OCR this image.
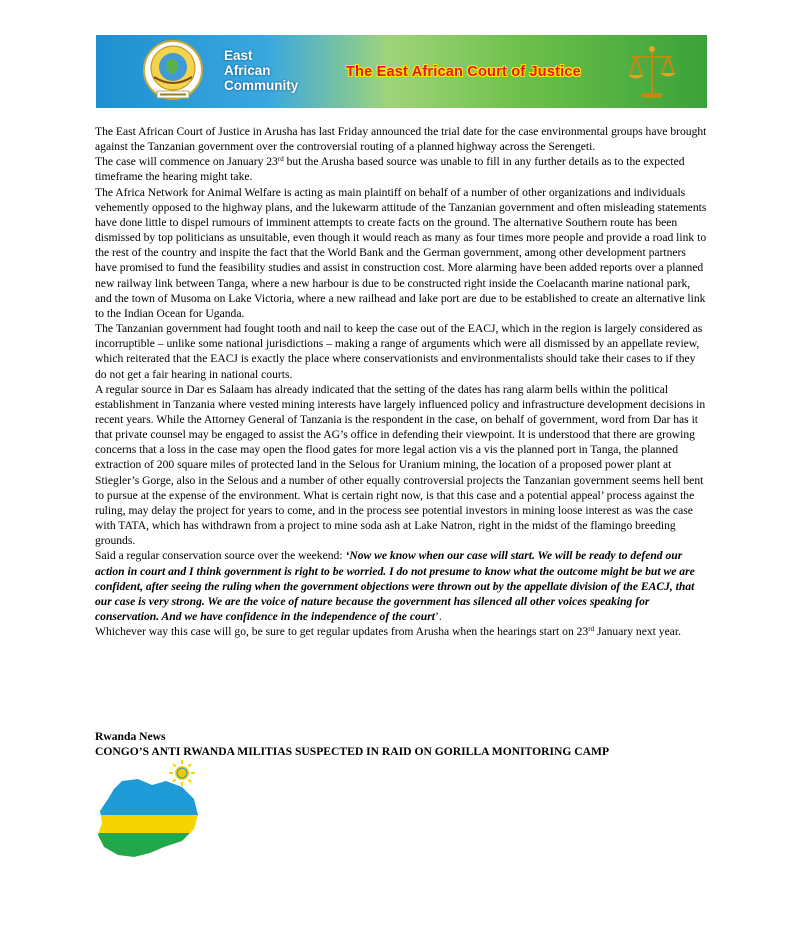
East
African
Community
The East African Court of Justice

The East African Court of Justice in Arusha has last Friday announced the trial date for the case environmental groups have brought against the Tanzanian government over the controversial routing of a planned highway across the Serengeti.

The case will commence on January 23rd but the Arusha based source was unable to fill in any further details as to the expected timeframe the hearing might take.

The Africa Network for Animal Welfare is acting as main plaintiff on behalf of a number of other organizations and individuals vehemently opposed to the highway plans, and the lukewarm attitude of the Tanzanian government and often misleading statements have done little to dispel rumours of imminent attempts to create facts on the ground. The alternative Southern route has been dismissed by top politicians as unsuitable, even though it would reach as many as four times more people and provide a road link to the rest of the country and inspite the fact that the World Bank and the German government, among other development partners have promised to fund the feasibility studies and assist in construction cost. More alarming have been added reports over a planned new railway link between Tanga, where a new harbour is due to be constructed right inside the Coelacanth marine national park, and the town of Musoma on Lake Victoria, where a new railhead and lake port are due to be established to create an alternative link to the Indian Ocean for Uganda.

The Tanzanian government had fought tooth and nail to keep the case out of the EACJ, which in the region is largely considered as incorruptible – unlike some national jurisdictions – making a range of arguments which were all dismissed by an appellate review, which reiterated that the EACJ is exactly the place where conservationists and environmentalists should take their cases to if they do not get a fair hearing in national courts.

A regular source in Dar es Salaam has already indicated that the setting of the dates has rang alarm bells within the political establishment in Tanzania where vested mining interests have largely influenced policy and infrastructure development decisions in recent years. While the Attorney General of Tanzania is the respondent in the case, on behalf of government, word from Dar has it that private counsel may be engaged to assist the AG’s office in defending their viewpoint. It is understood that there are growing concerns that a loss in the case may open the flood gates for more legal action vis a vis the planned port in Tanga, the planned extraction of 200 square miles of protected land in the Selous for Uranium mining, the location of a proposed power plant at Stiegler’s Gorge, also in the Selous and a number of other equally controversial projects the Tanzanian government seems hell bent to pursue at the expense of the environment. What is certain right now, is that this case and a potential appeal’ process against the ruling, may delay the project for years to come, and in the process see potential investors in mining loose interest as was the case with TATA, which has withdrawn from a project to mine soda ash at Lake Natron, right in the midst of the flamingo breeding grounds.

Said a regular conservation source over the weekend: ‘Now we know when our case will start. We will be ready to defend our action in court and I think government is right to be worried. I do not presume to know what the outcome might be but we are confident, after seeing the ruling when the government objections were thrown out by the appellate division of the EACJ, that our case is very strong. We are the voice of nature because the government has silenced all other voices speaking for conservation. And we have confidence in the independence of the court’.

Whichever way this case will go, be sure to get regular updates from Arusha when the hearings start on 23rd January next year.

Rwanda News
CONGO’S ANTI RWANDA MILITIAS SUSPECTED IN RAID ON GORILLA MONITORING CAMP
